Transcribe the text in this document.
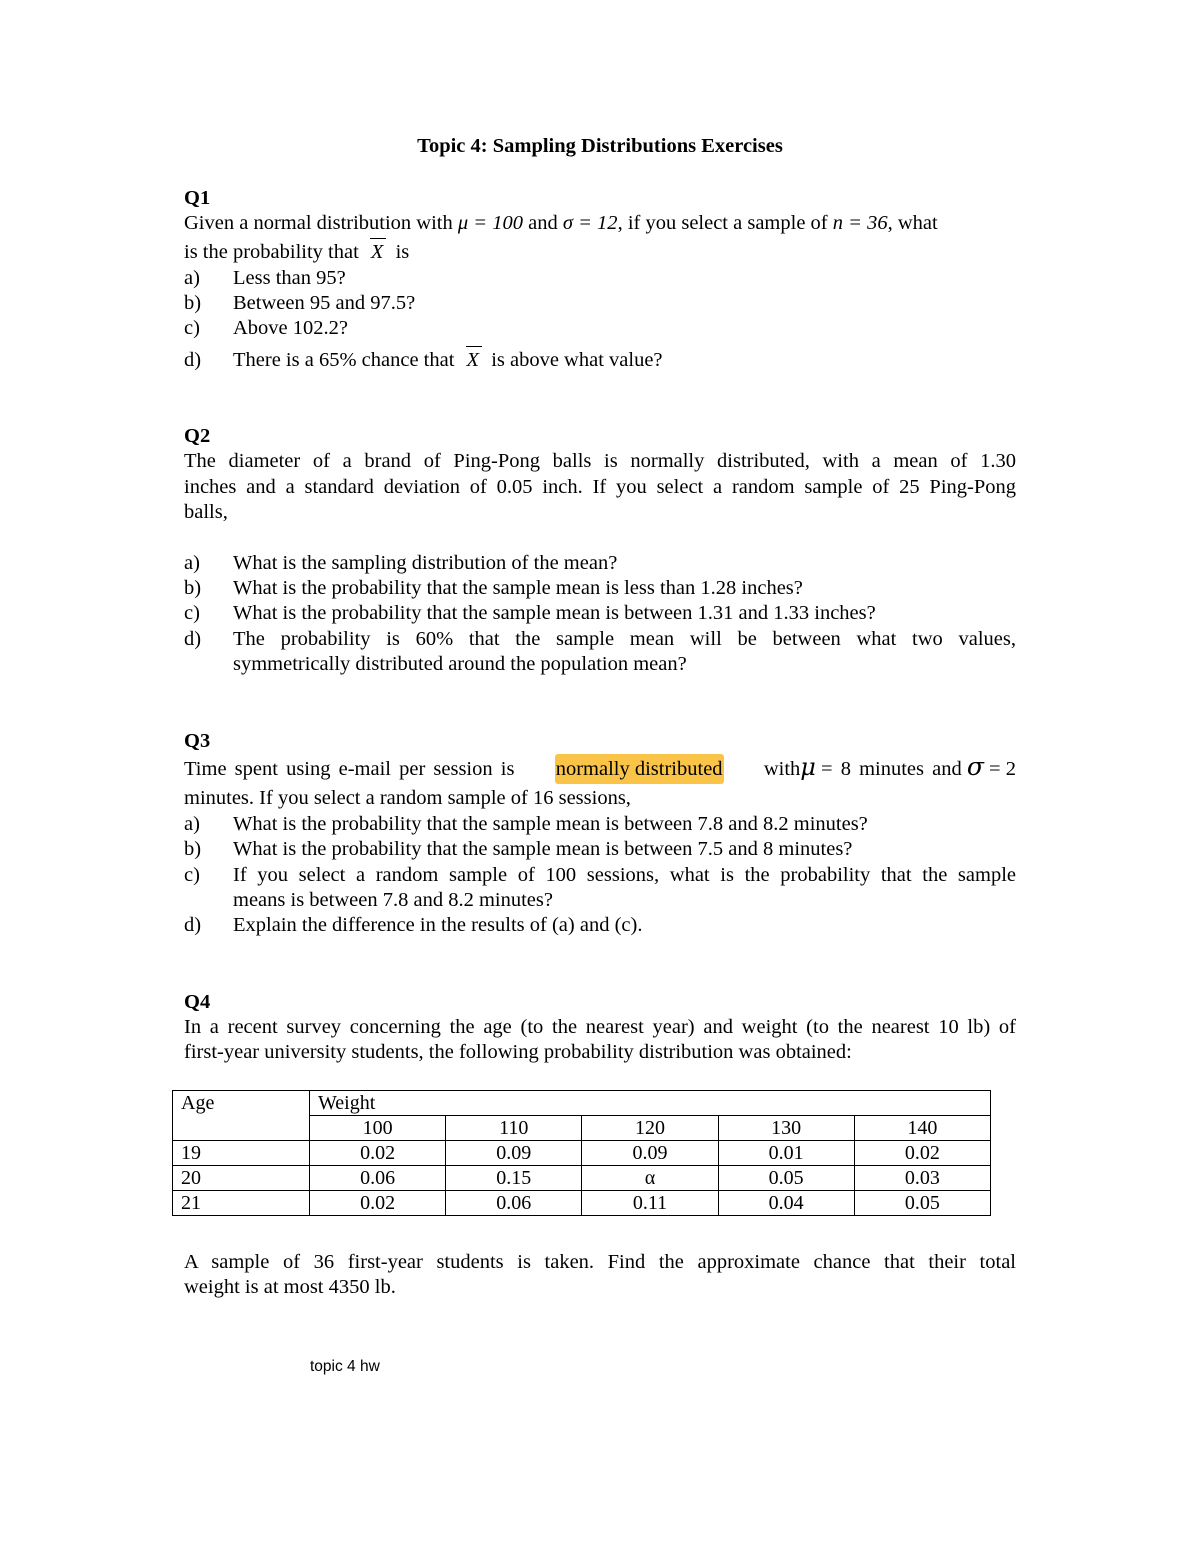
Topic 4: Sampling Distributions Exercises
Q1
Given a normal distribution with μ = 100 and σ = 12, if you select a sample of n = 36, what
is the probability that X is
a) Less than 95?
b) Between 95 and 97.5?
c) Above 102.2?
d) There is a 65% chance that X is above what value?
Q2
The diameter of a brand of Ping-Pong balls is normally distributed, with a mean of 1.30
inches and a standard deviation of 0.05 inch. If you select a random sample of 25 Ping-Pong
balls,
a) What is the sampling distribution of the mean?
b) What is the probability that the sample mean is less than 1.28 inches?
c) What is the probability that the sample mean is between 1.31 and 1.33 inches?
d) The probability is 60% that the sample mean will be between what two values,
symmetrically distributed around the population mean?
Q3
Time spent using e-mail per session is normally distributed withμ = 8 minutes and σ = 2
minutes. If you select a random sample of 16 sessions,
a) What is the probability that the sample mean is between 7.8 and 8.2 minutes?
b) What is the probability that the sample mean is between 7.5 and 8 minutes?
c) If you select a random sample of 100 sessions, what is the probability that the sample
means is between 7.8 and 8.2 minutes?
d) Explain the difference in the results of (a) and (c).
Q4
In a recent survey concerning the age (to the nearest year) and weight (to the nearest 10 lb) of
first-year university students, the following probability distribution was obtained:
Age	Weight				
	100	110	120	130	140
19	0.02	0.09	0.09	0.01	0.02
20	0.06	0.15	α	0.05	0.03
21	0.02	0.06	0.11	0.04	0.05
A sample of 36 first-year students is taken. Find the approximate chance that their total
weight is at most 4350 lb.
topic 4 hw
